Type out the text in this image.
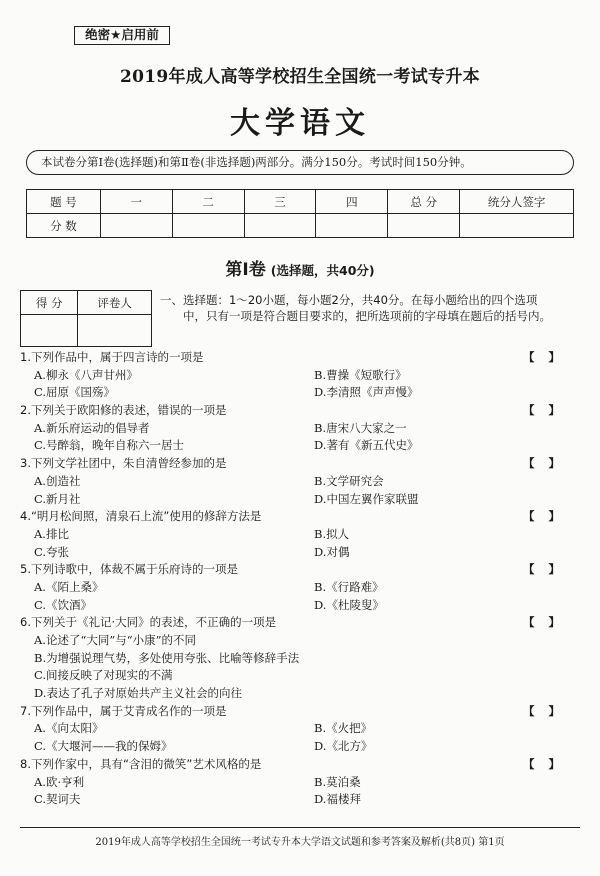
绝密★启用前
2019年成人高等学校招生全国统一考试专升本
大学语文
本试卷分第Ⅰ卷(选择题)和第Ⅱ卷(非选择题)两部分。满分150分。考试时间150分钟。
题 号	一	二	三	四	总 分	统分人签字
分 数						
第Ⅰ卷 (选择题，共40分)
得 分	评卷人
	一、选择题：1～20小题，每小题2分，共40分。在每小题给出的四个选项
中，只有一项是符合题目要求的，把所选项前的字母填在题后的括号内。
1.下列作品中，属于四言诗的一项是	【】
A.柳永《八声甘州》	B.曹操《短歌行》
C.屈原《国殇》	D.李清照《声声慢》
2.下列关于欧阳修的表述，错误的一项是	【】
A.新乐府运动的倡导者	B.唐宋八大家之一
C.号醉翁，晚年自称六一居士	D.著有《新五代史》
3.下列文学社团中，朱自清曾经参加的是	【】
A.创造社	B.文学研究会
C.新月社	D.中国左翼作家联盟
4.“明月松间照，清泉石上流”使用的修辞方法是	【】
A.排比	B.拟人
C.夸张	D.对偶
5.下列诗歌中，体裁不属于乐府诗的一项是	【】
A.《陌上桑》	B.《行路难》
C.《饮酒》	D.《杜陵叟》
6.下列关于《礼记·大同》的表述，不正确的一项是	【】
A.论述了“大同”与“小康”的不同
B.为增强说理气势，多处使用夸张、比喻等修辞手法
C.间接反映了对现实的不满
D.表达了孔子对原始共产主义社会的向往
7.下列作品中，属于艾青成名作的一项是	【】
A.《向太阳》	B.《火把》
C.《大堰河——我的保姆》	D.《北方》
8.下列作家中，具有“含泪的微笑”艺术风格的是	【】
A.欧·亨利	B.莫泊桑
C.契诃夫	D.福楼拜
2019年成人高等学校招生全国统一考试专升本大学语文试题和参考答案及解析(共8页) 第1页
